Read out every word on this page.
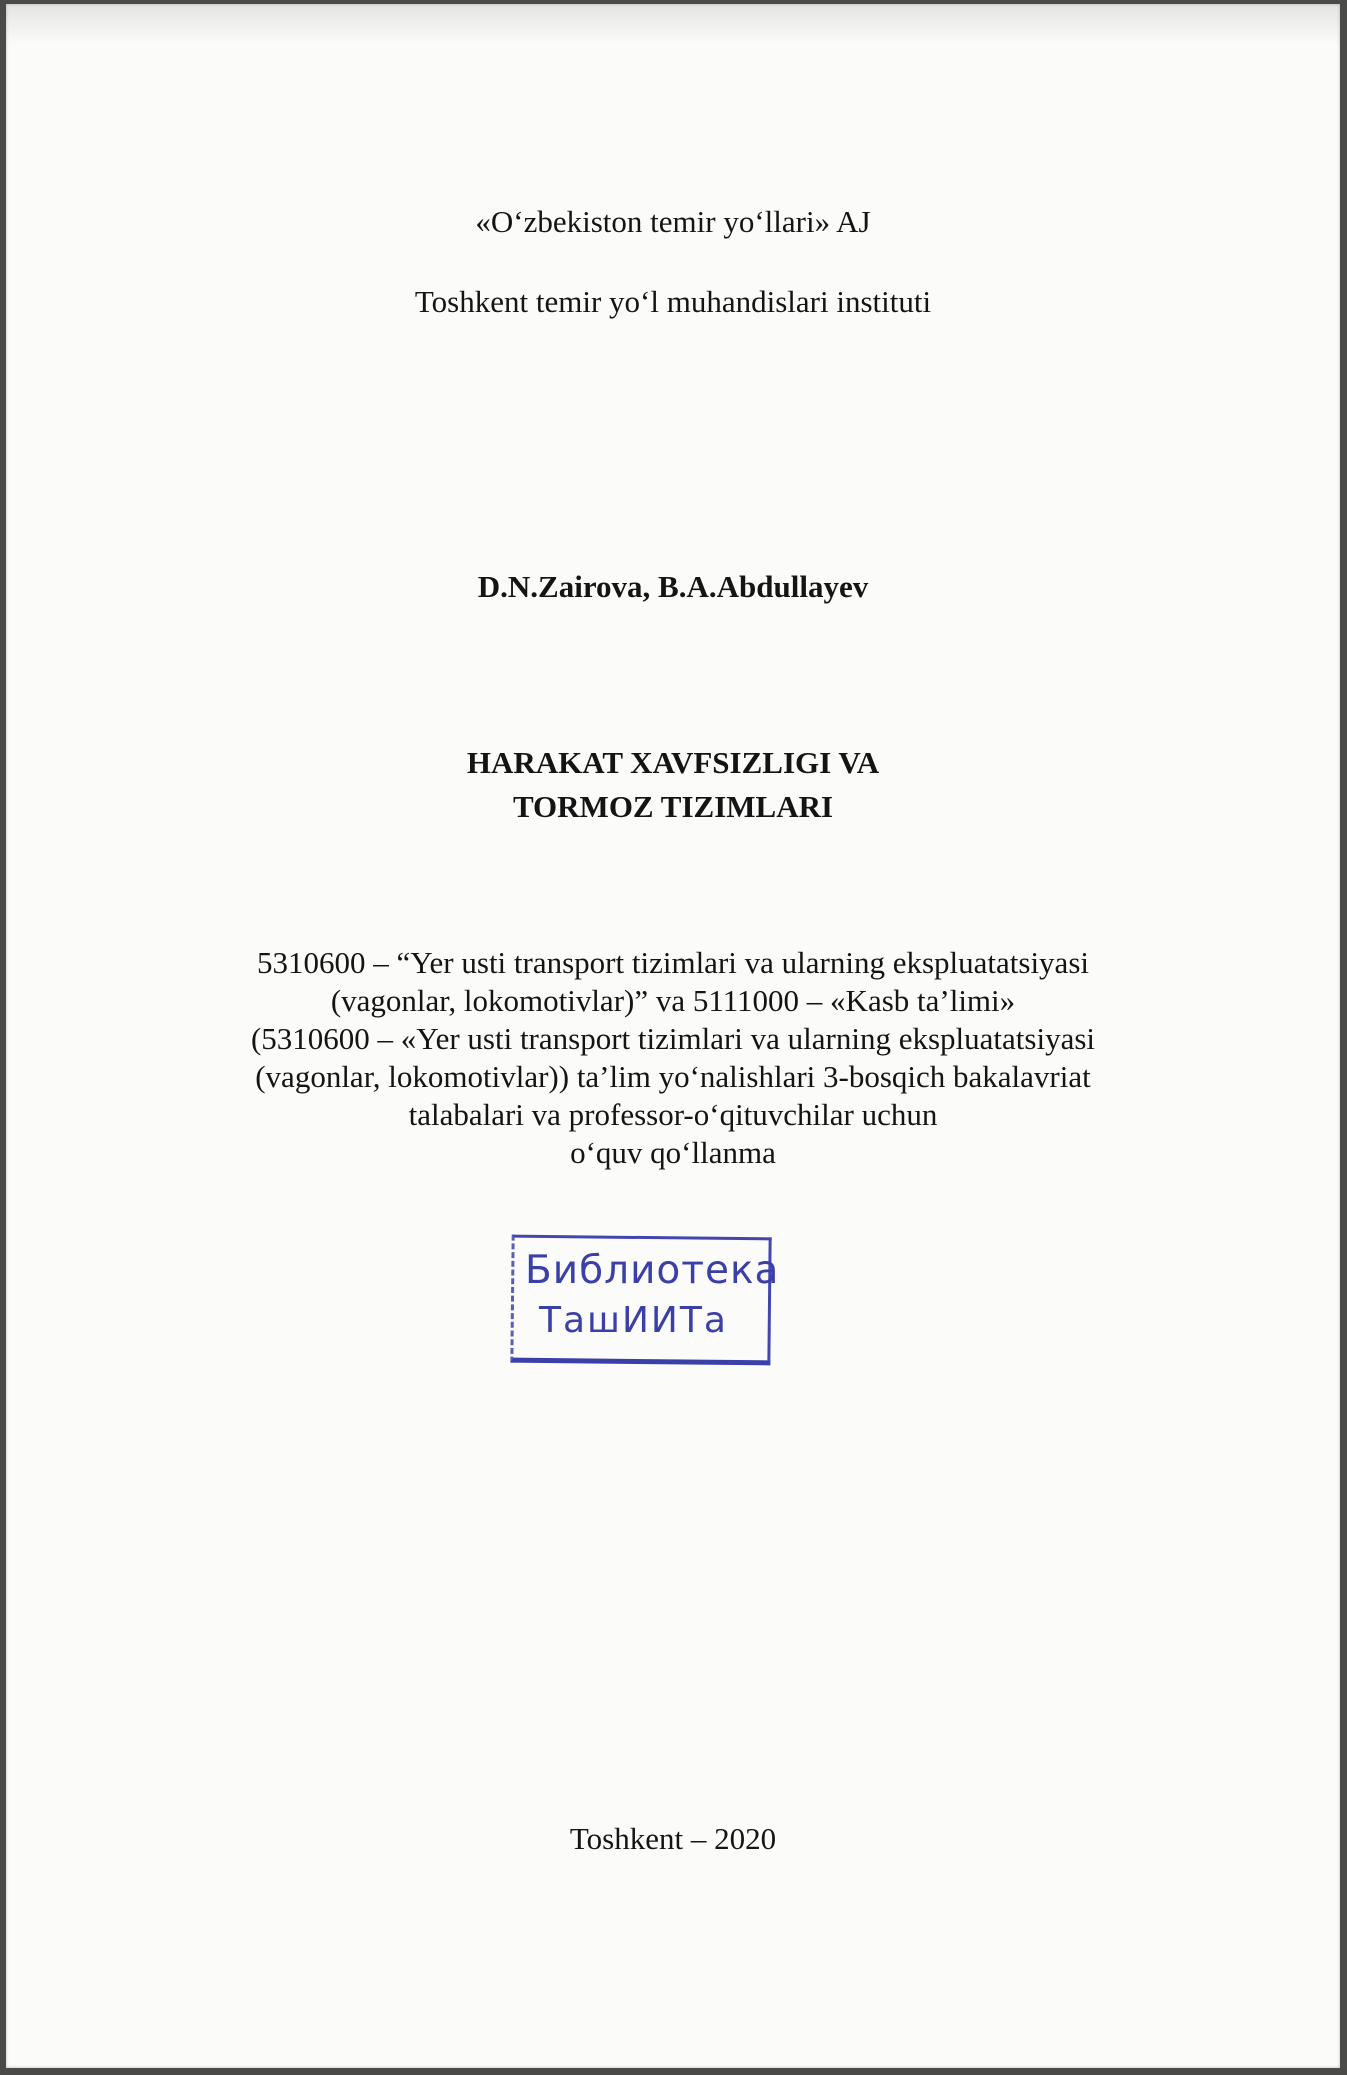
«O‘zbekiston temir yo‘llari» AJ
Toshkent temir yo‘l muhandislari instituti
D.N.Zairova, B.A.Abdullayev
HARAKAT XAVFSIZLIGI VA
TORMOZ TIZIMLARI
5310600 – “Yer usti transport tizimlari va ularning ekspluatatsiyasi
(vagonlar, lokomotivlar)” va 5111000 – «Kasb ta’limi»
(5310600 – «Yer usti transport tizimlari va ularning ekspluatatsiyasi
(vagonlar, lokomotivlar)) ta’lim yo‘nalishlari 3-bosqich bakalavriat
talabalari va professor-o‘qituvchilar uchun
o‘quv qo‘llanma
Библиотека
ТашИИТа
Toshkent – 2020
